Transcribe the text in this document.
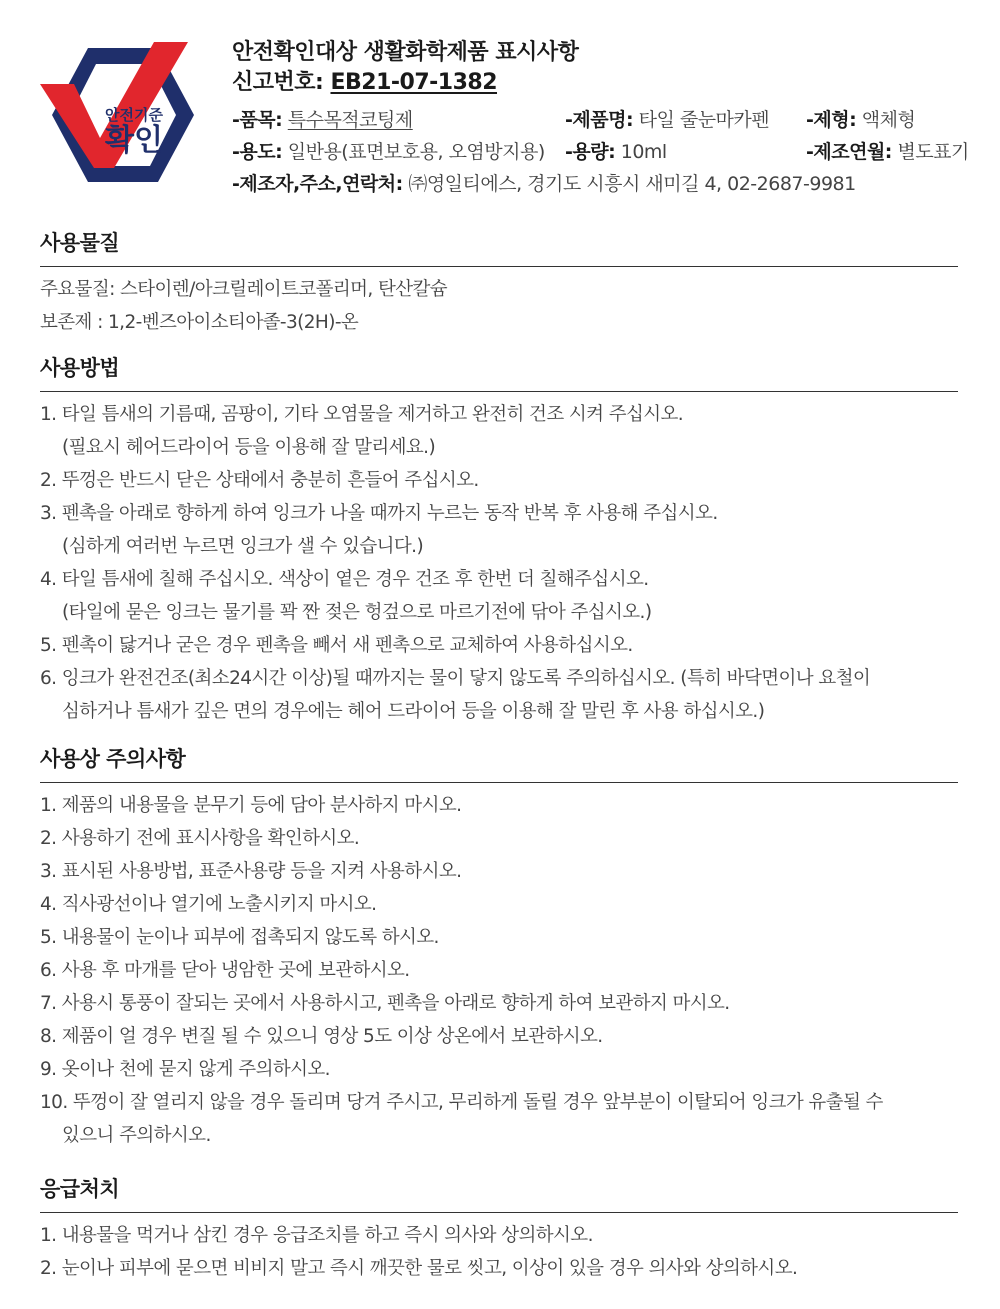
안전기준
확인
안전확인대상 생활화학제품 표시사항
신고번호: EB21-07-1382
-품목: 특수목적코팅제	-제품명: 타일 줄눈마카펜 -제형: 액체형
-용도: 일반용(표면보호용, 오염방지용) -용량: 10ml	-제조연월: 별도표기
-제조자,주소,연락처: ㈜영일티에스, 경기도 시흥시 새미길 4, 02-2687-9981
사용물질
주요물질: 스타이렌/아크릴레이트코폴리머, 탄산칼슘
보존제 : 1,2-벤즈아이소티아졸-3(2H)-온
사용방법
1. 타일 틈새의 기름때, 곰팡이, 기타 오염물을 제거하고 완전히 건조 시켜 주십시오.
(필요시 헤어드라이어 등을 이용해 잘 말리세요.)
2. 뚜껑은 반드시 닫은 상태에서 충분히 흔들어 주십시오.
3. 펜촉을 아래로 향하게 하여 잉크가 나올 때까지 누르는 동작 반복 후 사용해 주십시오.
(심하게 여러번 누르면 잉크가 샐 수 있습니다.)
4. 타일 틈새에 칠해 주십시오. 색상이 옅은 경우 건조 후 한번 더 칠해주십시오.
(타일에 묻은 잉크는 물기를 꽉 짠 젖은 헝겊으로 마르기전에 닦아 주십시오.)
5. 펜촉이 닳거나 굳은 경우 펜촉을 빼서 새 펜촉으로 교체하여 사용하십시오.
6. 잉크가 완전건조(최소24시간 이상)될 때까지는 물이 닿지 않도록 주의하십시오. (특히 바닥면이나 요철이
심하거나 틈새가 깊은 면의 경우에는 헤어 드라이어 등을 이용해 잘 말린 후 사용 하십시오.)
사용상 주의사항
1. 제품의 내용물을 분무기 등에 담아 분사하지 마시오.
2. 사용하기 전에 표시사항을 확인하시오.
3. 표시된 사용방법, 표준사용량 등을 지켜 사용하시오.
4. 직사광선이나 열기에 노출시키지 마시오.
5. 내용물이 눈이나 피부에 접촉되지 않도록 하시오.
6. 사용 후 마개를 닫아 냉암한 곳에 보관하시오.
7. 사용시 통풍이 잘되는 곳에서 사용하시고, 펜촉을 아래로 향하게 하여 보관하지 마시오.
8. 제품이 얼 경우 변질 될 수 있으니 영상 5도 이상 상온에서 보관하시오.
9. 옷이나 천에 묻지 않게 주의하시오.
10. 뚜껑이 잘 열리지 않을 경우 돌리며 당겨 주시고, 무리하게 돌릴 경우 앞부분이 이탈되어 잉크가 유출될 수
있으니 주의하시오.
응급처치
1. 내용물을 먹거나 삼킨 경우 응급조치를 하고 즉시 의사와 상의하시오.
2. 눈이나 피부에 묻으면 비비지 말고 즉시 깨끗한 물로 씻고, 이상이 있을 경우 의사와 상의하시오.
